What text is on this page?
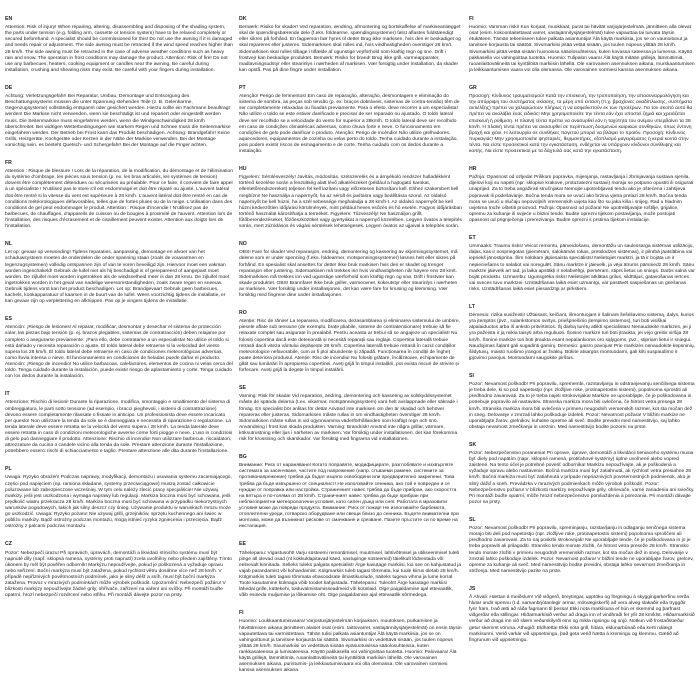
EN

Attention: Risk of injury! When repairing, altering, disassembling and disposing of the shading system, the parts under tension (e.g. folding arm, cassette or tension system) have to be relaxed completely or secured beforehand. A specialist should be commissioned for this! Do not use the awning if it is damaged and needs repair or adjustment. The side awning must be retracted if the wind speed reaches higher than 28 km/h. The side awning must be retracted in the case of adverse weather conditions such as heavy rain and snow. The operation in frost conditions may damage the product. Attention: Risk of fire! Do not use any barbecues, heaters, cooking equipment or candles near the awning. Be careful during installation, crushing and shearing risks may exist. Be careful with your fingers during installation.

DE

Achtung: Verletzungsgefahr! Bei Reparatur, Umbau, Demontage und Entsorgung des Beschattungssystems müssen die unter Spannung stehenden Teile (z. B. Gelenkarme, Gegenzugsysteme) vollständig entspannt oder gesichert werden. Hierzu sollte ein Fachmann beauftragt werden! Die Markise nicht verwenden, wenn sie beschädigt ist und repariert oder eingestellt werden muss. Die Seitenmarkise muss eingefahren werden, wenn die Windgeschwindigkeit 28 km/h überschreitet. Bei widrigen Wetterbedingungen wie starkem Regen und Schnee muss die Seitenmarkise eingefahren werden. Der Betrieb bei Frost kann das Produkt beschädigen. Achtung: Brandgefahr! Keine Grills, Heizgeräte, Kochgeräte oder Kerzen in der Nähe der Markise verwenden. Bei der Montage vorsichtig sein, es besteht Quetsch- und Schergefahr! Bei der Montage auf die Finger achten.

FR

Attention : Risque de blessure ! Lors de la réparation, de la modification, du démontage et de l'élimination du système d'ombrage, les pièces sous tension (p. ex. les bras articulés, les systèmes de tension) doivent être complètement détendues ou sécurisées au préalable. Pour ce faire, il convient de faire appel à un spécialiste ! N'utilisez pas le store s'il est endommagé et doit être réparé ou ajusté. L'auvent latéral doit être rentré si la vitesse du vent est supérieure à 28 km/h. L'auvent latéral doit être rentré en cas de conditions météorologiques défavorables, telles que de fortes pluies ou de la neige. L'utilisation dans des conditions de gel peut endommager le produit. Attention : Risque d'incendie ! N'utilisez pas de barbecues, de chauffages, d'appareils de cuisson ou de bougies à proximité de l'auvent. Attention lors de l'installation, des risques d'écrasement et de cisaillement peuvent exister. Attention aux doigts lors de l'installation.

NL

Let op: gevaar op verwonding! Tijdens reparaties, aanpassing, demontage en afvoer van het schaduwsysteem moeten de onderdelen die onder spanning staan (zoals de vouwarmen en tegenzugsystemen) volledig ontspannen zijn of van te voren beveiligd zijn. Hiervoor moet een vakman worden ingeschakeld! Gebruik de luifel niet als hij beschadigd is of gerepareerd of aangepast moet worden. De zijluifel moet worden ingetrokken als de windsnelheid meer is dan 28 km/u. De zijluifel moet ingetrokken worden in het geval van nadelige weersomstandigheden, zoals zware regen en sneeuw. Gebruik tijdens vorst kan het product beschadigen. Let op: Brandgevaar! Gebruik geen barbecues, kachels, kookapparatuur of kaarsen in de buurt van de luifel. Wees voorzichtig tijdens de installatie, er kan gevaar zijn op verplettering en afknippen. Pas op je vingers tijdens de installatie.

ES

Atención: ¡Riesgo de lesiones! Al reparar, modificar, desmontar y desechar el sistema de protección solar, las piezas bajo tensión (p. ej. brazos plegables, sistemas de contratracción) deben relajarse por completo o asegurarse previamente. ¡Para ello, debe contratarse a un especialista! No utilice el toldo si está dañado y necesita reparación o ajuste. El toldo lateral debe retraerse si la velocidad del viento supera los 28 km/h. El toldo lateral debe retraerse en caso de condiciones meteorológicas adversas, como lluvia intensa o nieve. El funcionamiento en condiciones de heladas puede dañar el producto. Atención: ¡Riesgo de incendio! No utilice barbacoas, calefactores, elementos de cocina ni velas cerca del toldo. Tenga cuidado durante la instalación, puede existir riesgo de aplastamiento y corte. Tenga cuidado con los dedos durante la instalación.

IT

Attenzione: Rischio di lesioni! Durante la riparazione, modifica, smontaggio e smaltimento del sistema di ombreggiatura, le parti sotto tensione (ad esempio, i bracci pieghevoli, i sistemi di contrattrazione) devono essere completamente rilassate o fissate in anticipo. Un professionista deve essere incaricato per questo! Non utilizzare la tenda da sole se è danneggiata e necessita di riparazione o regolazione. La tenda laterale deve essere retratta se la velocità del vento supera i 28 km/h. La tenda laterale deve essere retratta in caso di condizioni meteorologiche avverse come forti piogge e neve. L'uso in condizioni di gelo può danneggiare il prodotto. Attenzione: Rischio di incendio! Non utilizzare barbecue, riscaldatori, attrezzature da cucina o candele vicino alla tenda da sole. Prestare attenzione durante l'installazione, potrebbero esserci rischi di schiacciamento e taglio. Prestare attenzione alle dita durante l'installazione.

PL

Uwaga: Ryzyko obrażeń! Podczas naprawy, modyfikacji, demontażu i usuwania systemu zacieniającego, części pod napięciem (np. ramiona składane, systemy przeciwciągowe) muszą zostać całkowicie poluzowane lub zabezpieczone wcześniej. W tym celu należy zlecić pracę specjaliście! Nie używaj markizy, jeśli jest uszkodzona i wymaga naprawy lub regulacji. Markiza boczna musi być schowana, jeśli prędkość wiatru przekracza 28 km/h. Markiza boczna musi być schowana w przypadku niekorzystnych warunków pogodowych, takich jak silny deszcz czy śnieg. Używanie produktu w warunkach mrozu może go uszkodzić. Uwaga: Ryzyko pożaru! Nie używaj grilli, grzejników, sprzętu kuchennego ani świec w pobliżu markizy. Bądź ostrożny podczas montażu, mogą istnieć ryzyka zgniecenia i przecięcia. Bądź ostrożny z palcami podczas montażu.

CZ

Pozor: Nebezpečí úrazu! Při opravách, úpravách, demontáži a likvidaci stínicího systému musí být napnuté díly (např. sklopná ramena, systémy proti napnutí) zcela uvolněny nebo předem zajištěny. Tímto úkonem by měl být pověřen odborník! Markýzu nepoužívejte, pokud je poškozená a vyžaduje opravu nebo seřízení. Boční markýza musí být zatažena, pokud rychlost větru dosáhne více než 28 km/h. V případě nepříznivých povětrnostních podmínek, jako je silný déšť a sníh, musí být boční markýza zatažena. Provoz v mrazivých podmínkách může výrobek poškodit. Upozornění: Nebezpečí požáru! V blízkosti markýzy nepoužívejte žádné grily, ohřívače, zařízení na vaření ani svíčky. Při montáži buďte opatrní, hrozí nebezpečí rozdrcení nebo střihu. Při montáži dávejte pozor na prsty.

DK

Bemærk: Risiko for skader! Ved reparation, ændring, afmontering og bortskaffelse af markiseanlægget skal de spændingsbærende dele (f.eks. foldearme, spændingssystemer) først aflastes fuldstændigt eller sikres på forhånd. En fagperson bør hyres til dette! Brug ikke markisen, hvis den er beskadiget og skal repareres eller justeres. Sidemarkisen skal rulles ind, hvis vindhastigheden overstiger 28 km/t. Sidemarkisen skal rulles tilbage i tilfælde af ugunstige vejrforhold som kraftig regn og sne. Drift i frostvejr kan beskadige produktet. Bemærk: Risiko for brand! Brug ikke grill, varmeapparater, madlavningsudstyr eller stearinlys i nærheden af markisen. Vær forsigtig under installation, da skader kan opstå. Pas på dine fingre under installation.

PT

Atenção! Perigo de ferimentos! Em caso de reparação, alteração, desmontagem e eliminação do sistema de sombra, as peças sob tensão (p. ex. braços dobráveis, sistemas de contra-tensão) têm de ser completamente relaxadas ou fixadas previamente. Para o efeito, deve recorrer a um especialista! Não utilize o toldo se este estiver danificado e precisar de ser reparado ou ajustado. O toldo lateral deve ser recolhido se a velocidade do vento for superior a 28km/h. O toldo lateral deve ser recolhido em caso de condições climatéricas adversas, como chuva forte e neve. O funcionamento em condições de gelo pode danificar o produto. Atenção: Perigo de incêndio! Não utilize grelhadores, aquecedores, equipamentos de cozinha ou velas perto do toldo. Tenha cuidado durante a instalação, pois podem existir riscos de esmagamento e de corte. Tenha cuidado com os dedos durante a instalação.

HU

Figyelem: Sérülésveszély! Javítás, módosítás, szétszerelés és a árnyékoló rendszer hulladékként történő kezelése során a feszültség alatt lévő alkatrészeket (például a hajtogató karokat, ellentetőrendszereket) teljesen fel kell lazítani vagy előzetesen biztosítani kell. Ehhez szakembert kell megbízni! Ne használja a napernyőt, ha az sérült és javításra vagy beállításra szorul. Az oldalsó napernyőt be kell húzni, ha a szél sebessége meghaladja a 28 km/h-t. Az oldalsó napernyőt be kell húzni kedvezőtlen időjárási körülmények, mint például heves esőzés és hó esetén. Fagyos időjárásban történő használat károsíthatja a terméket. Figyelem: Tűzveszély! Ne használjon grillt, fűtőberendezéseket, főzőeszközöket vagy gyertyákat a napernyő közelében. Legyen óvatos a telepítés során, mert zúzódásos és vágási sérülések lehetségesek. Legyen óvatos az ujjaival a telepítés során.

NO

OBS! Fare for skade! Ved reparasjon, endring, demontering og kassering av skjermingssystemet, må delene som er under spenning (f.eks. foldearmer, motspenningssystemer) løsnes helt eller sikres på forhånd. En spesialist skal ansettes for dette! Ikke bruk markisen hvis den er skadet og trenger reparasjon eller justering. Sidemarkisen må trekkes inn hvis vindhastigheten når høyere enn 28 km/t. Sidemarkisen må trekkes inn ved ugunstige værforhold som kraftig regn og snø. Drift i frostvær kan skade produktet. OBS! Brannfare! Ikke bruk griller, varmeovner, kokeutstyr eller stearinlys i nærheten av markisen. Vær forsiktig under installasjonen, det kan være fare for knusing og klemming. Vær forsiktig med fingrene dine under installasjonen.

RO

Atenție: Risc de rănire! La repararea, modificarea, dezasamblarea și eliminarea sistemului de umbrire, piesele aflate sub tensiune (de exemplu, brațe pliabile, sisteme de contratensionare) trebuie să fie relaxate complet sau asigurate în prealabil. Pentru aceasta ar trebui să se angajeze un specialist! Nu folosiți copertina dacă este deteriorată și necesită reparații sau reglaje. Copertina laterală trebuie retrasă dacă viteza vântului depășește 28 km/h. Copertina laterală trebuie retrasă în cazul condițiilor meteorologice nefavorabile, cum ar fi ploi abundente și zăpadă. Funcționarea în condiții de îngheț poate deteriora produsul. Atenție: Risc de incendiu! Nu folosiți grătare, încălzitoare, echipamente de gătit sau lumânări în apropierea copertinei. Aveți grijă în timpul instalării, pot exista riscuri de strivire și forfecare. Aveți grijă la degete în timpul instalării.

SE

Varning: Risk för skada! Vid reparation, ändring, demontering och kassering av solskyddssystemet måste de spända delarna (t.ex. vikarmar, motspänningssystem) vara helt avslappnade eller säkrade i förväg. En specialist bör anlitas för detta! Använd inte markisen om den är skadad och behöver repareras eller justeras. Sidomarkisen måste rullas in om vindhastigheten överstiger 28 km/h. Sidomarkisen måste rullas in vid ogynnsamma väderförhållanden som kraftigt regn och snö. Användning i frost kan skada produkten. Varning: Brandrisk! Använd inte några grillar, värmare, köksutrustning eller ljus i närheten av markisen. Var försiktig under installationen, det kan förekomma risk för krossning och skärskador. Var försiktig med fingrarna vid installationen.

BG

Внимание: Риск от нараняване! Когато поправяте, модифицирате, разглобявате и изхвърляте системата за засенчване, частите под напрежение (напр. сгъваеми рамене, системите за противонапрежение) трябва да бъдат изцяло освободени или предварително закрепени. Това трябва да бъде извършено от специалист! Не използвайте сенника, ако той е повреден и се нуждае от поправка или настройка. Страничният навес трябва да бъде прибран, ако скоростта на вятъра е по-голяма от 28 km/h. Страничният навес трябва да бъде прибран при неблагоприятни метеорологични условия, като силен дъжд или сняг. Работата в мразовити условия може да повреди продукта. Внимание: Риск от пожар! Не използвайте барбекюта, отоплителни уреди, готварско оборудване или свещи близо до сенника. Бъдете внимателни при монтажа, може да възникнат рискове от смачкване и срязване. Пазете пръстите си по време на инсталация.

EE

Tähelepanu: Vigastusoht! Varju süsteemi remontimisel, muutmisel, lahtivõtmisel ja utiliseerimisel tuleb pinge all olevad osad (nt kokkuklapitavad käed, vastupinge süsteemid) täielikult lõdvestada või eelnevalt kinnitada. Selleks tuleks palgata spetsialist! Ärge kasutage markiisi, kui see on kahjustatud ja vajab parandamist või kohandamist. Külgmarkiis tuleb tagasi tõmmata, kui tuule kiirus ületab 28 km/h. Külgmarkiis tuleb tagasi tõmmata ebasoodsate ilmastikuolude, näiteks tugeva vihma ja lume korral. Toote kasutamine külmaga võib toodet kahjustada. Tähelepanu: Tuleoht! Ärge kasutage markiisi lähedal grille, küttekehi, toiduvalmistamisseadmeid või küünlaid. Olge paigaldamise ajal ettevaatlik, võib esineda muljumise ja lõikamise oht. Olge paigaldamise ajal ettevaatlik sõrmedega.

FI

Huomio: Loukkaantumisvaara! Varjostusjärjestelmän korjauksen, muutoksen, purkamisen ja hävittämisen aikana jännitteen alaiset osat (esim. taittovarret, vastajännitysjärjestelmät) on ensin täysin vapautettava tai varmistettava. Tähän tulisi palkata asiantuntija! Älä käytä markiisia, jos se on vahingoittunut ja tarvitsee korjausta tai säätöä. Sivumarkiisi on vedettävä sisään, jos tuulen nopeus ylittää 28 km/h. Sivumarkiisi on vedettävä sisään epäsuotuisissa sääolosuhteissa, kuten rankkasateessa ja lumisateessa. Käyttö pakkasella voi vahingoittaa tuotetta. Huomio: Palovaara! Älä käytä grillejä, lämmittimiä, ruoanlaittovälineitä tai kynttilöitä markiisin lähellä. Ole varovainen asennuksen aikana, puristumis- ja leikkautumisvaara voi olla olemassa. Ole varovainen sormiesi kanssa asennuksen aikana.

FI

Huomio: Vamman riski! Kun korjaat, muokkaat, purat tai hävität varjojärjestelmää, jännitteen alla olevat osat (esim. kokoontaitettavat varret, vastajännitysjärjestelmät) tulee vapauttaa tai turvata täysin etukäteen. Tämän tekemiseen tulee palkata asiantuntija! Älä käytä markiisia, jos se on vaurioitunut ja tarvitsee korjausta tai säätöä. Sivumarkiisi pitää vetää sisään, jos tuulen nopeus ylittää 28 km/h. Sivumarkiisi pitää vetää sisään huonoissa sääolosuhteissa, kuten kovassa sateessa ja lumessa. Käyttö pakkasella voi vahingoittaa tuotetta. Huomio: Tulipalon vaara! Älä käytä mitään grillejä, lämmittimiä, ruoanlaittovälineitä tai kynttilöitä markiisin lähellä. Ole varovainen asennuksen aikana, murskaantumisen ja leikkaantumisen vaara voi olla olemassa. Ole varovainen sormiesi kanssa asennuksen aikana.

GR

Προσοχή: Κίνδυνος τραυματισμού! Κατά την επισκευή, την τροποποίηση, την αποσυναρμολόγηση και την απόρριψη του συστήματος σκίασης, τα μέρη υπό ένταση (π.χ. βραχίονες αναδίπλωσης, συστήματα αντιέλξης) πρέπει να χαλαρώσουν πλήρως ή να ασφαλιστούν εκ των προτέρων. Για τον σκοπό αυτό θα πρέπει να αναλάβει ένας ειδικός! Μην χρησιμοποιείτε την τέντα εάν έχει υποστεί ζημιά και χρειάζεται επισκευή ή ρύθμιση. Η πλαϊνή τέντα πρέπει να ανασυρθεί εάν η ταχύτητα του ανέμου υπερβαίνει τα 28 km/h. Η πλαϊνή τέντα πρέπει να ανασυρθεί σε περίπτωση δυσμενών καιρικών συνθηκών, όπως έντονη βροχή και χιόνι. Η λειτουργία σε συνθήκες παγετού μπορεί να βλάψει το προϊόν. Προσοχή: Κίνδυνος πυρκαγιάς! Μην χρησιμοποιείτε ψησταριές, θερμαντήρες, εξοπλισμό μαγειρέματος ή κεριά κοντά στην τέντα. Να είστε προσεκτικοί κατά την εγκατάσταση, ενδέχεται να υπάρχουν κίνδυνοι σύνθλιψης και κοπής. Να είστε προσεκτικοί με τα δάχτυλά σας κατά την εγκατάσταση.

HR

Pažnja: Opasnost od ozljeda! Prilikom popravka, mijenjanja, rastavljanja i zbrinjavanja sustava sjenila, dijelovi koji su napeti (npr. sklopive krakove, protuzatezni sustavi) moraju se potpuno opustiti ili osigurati unaprijed. Za to treba angažirati stručnjaka! Nemojte upotrebljavati tendu ako je oštećena i zahtijeva popravak ili podešavanje. Bočna tenda mora se uvući ako brzina vjetra prelazi 28 km/h. Bočna tenda mora se uvući u slučaju nepovoljnih vremenskih uvjeta kao što su jaka kiša i snijeg. Rad u hladnim uvjetima može oštetiti proizvod. Pažnja: Opasnost od požara! Ne upotrebljavajte roštilje, grijalice, opremu za kuhanje ili svijeće u blizini tende. Budite oprezni tijekom postavljanja, može postojati opasnost od prignječenja i prerezivanja. Budite oprezni s prstima tijekom instalacije.

ET

Ummaaks: Traumu risks! Veicot remontu, pārveidošanu, demontāžu un saulessarga sistēmas utilizāciju, daļas, kas ir nospriegotas (piemēram, salokāmās rokas, pretslodzes sistēmas), ir pilnībā jāatslābina vai iepriekš jānostiprina. Šim nolūkam jāpiesaista speciālists! Nelietojiet markīzi, ja tā ir bojāta un ir nepieciešams to salabot vai noregulēt. Sānu markīze ir jāievelk, ja vēja ātrums pārsniedz 28 km/h. Sānu markīze jāievelk arī tad, ja laika apstākļi ir nelabvēlīgi, piemēram, stiprs lietus un sniegs. Darbs salnā var bojāt produktu. Uzmanību: Ugunsgrēka risks! Nelietojiet atklātas grilus, sildītājus, gatavošanas ierīces vai sveces tuvu markīzei. Uzstādīšanas laikā esiet uzmanīgi, var pastāvēt saspiešanas un griešanas risks. Uzstādīšanas laikā esiet piesardzīgi ar pirkstiem.

LT

Dėmesio: rizika susižeisti! Užtaisant, keičiant, išmontuojant ir šalinant šešėliavimo sistemą, dalys, kurios yra įtemptos (pvz., sulankstomos svirtys, priešpriešinio įtempimo sistemos), turi būti visiškai atpalaiduotos arba iš anksto pritvirtintos. Šį darbą turėtų atlikti specialistas! Nenaudokite markizės, jei ji yra pažeista ir ją reikia taisyti arba reguliuoti. Šoninė markizė turi būti įtraukta, jei vėjo greitis viršija 28 km/h. Šoninė markizė turi būti įtraukta esant nepalankioms oro sąlygoms, pvz., stipriam lietui ir sniegui. Naudojimas šąlant gali sugadinti gaminį. Dėmesio: gaisro pavojus! Prie markizės nenaudokite kepsninių, šildytuvų, maisto ruošimo įrangos ar žvakių. Būkite atsargūs montuodami, gali kilti suspaudimo ir įpjovimo pavojus. Montuodami saugokite pirštus.

SI

Pozor: Nevarnost poškodb! Pri popravilu, spremembi, razstavljanju in odstranjevanju senčilnega sistema je treba dele, ki so pod napetostjo (npr. zložljive roke, protinapetostni sistemi), popolnoma sprostiti ali predhodno zavarovati. Za to je treba najeti strokovnjaka! Markize ne uporabljajte, če je poškodovana in potrebuje popravilo ali nastavitev. Stranska markiza mora biti uvlečena, če hitrost vetra presega 28 km/h. Stranska markiza mora biti uvlečena v primeru neugodnih vremenskih razmer, kot sta močan dež in sneg. Delovanje v zmrzali lahko poškoduje izdelek. Pozor: Nevarnost požara! V bližini markize ne uporabljajte žarov, grelnikov, kuhalne opreme ali sveč. Bodite previdni med namestitvijo, saj lahko obstaja nevarnost zmečkanja in ureznin. Med namestitvijo bodite pozorni na prste.

SK

Pozor: Nebezpečenstvo poranenia! Pri oprave, úprave, demontáži a likvidácii tieniaceho systému musia byť diely pod napätím (napr. sklopné ramená, protiťahové systémy) úplne uvoľnené alebo vopred zaistené. Na tento účel je potrebné poveriť odborníka! Markízu nepoužívajte, ak je poškodená a vyžaduje opravu alebo nastavenie. Bočná markíza musí byť zatiahnutá, ak rýchlosť vetra presiahne 28 km/h. Bočná markíza musí byť zatiahnutá v prípade nepriaznivých poveternostných podmienok, ako je silný dážď a sneh. Prevádzka v mrazivých podmienkach môže výrobok poškodiť. Pozor: Nebezpečenstvo požiaru! V blízkosti markízy nepoužívajte grily, ohrievače, varné zariadenia ani sviečky. Pri montáži buďte opatrní, môže hroziť nebezpečenstvo pomliaždenia a porezania. Pri montáži dávajte pozor na prsty.

SL

Pozor: Nevarnost poškodb! Pri popravilu, spreminjanju, razstavljanju in odlaganju senčnega sistema morajo biti deli pod napetostjo (npr. zložljive roke, protinapetostni sistemi) popolnoma sproščeni ali predhodno zavarovani. Za to naj poskrbi strokovnjak! Ne uporabljajte tende, če je poškodovana in jo je treba popraviti ali prilagoditi. Stransko tendo morate zložiti, če hitrost vetra preseže 28 km/h. Stransko tendo morate zložiti v primeru neugodnih vremenskih razmer, kot sta močan dež in sneg. Delovanje v zmrzali lahko poškoduje izdelek. Pozor: Nevarnost požara! V bližini tende ne uporabljajte žarov, grelcev, opreme za kuhanje ali sveč. Med namestitvijo bodite previdni, obstaja lahko nevarnost zmečkanja in striženja. Med namestitvijo pazite na prste.

JS

Å Ahvali: Hættan á meiðslum! Við viðgerð, breytingar, upptöku og förgningu á skyggingarkerfinu verða hlutar undir spennu (t.d. samanbrjótanlegir armar, mótvægiskerfi) að vera alveg slakaðir eða tryggðir fyrir fram. Það ætti að ráða fagmann til þessa! Ekki nota markísuna ef hún er skemmd og þarfnast viðgerðar eða stillingar. Hliðarmarkísið verður að draga inn ef vindhraði fer yfir 28 km/klst. Hliðarmarkísið verður að draga inn við slæm veðurskilyrði eins og mikla rigningu og snjó. Notkun við frostaðstæður getur skemmt vöruna. Athugið: Eldhætta! Ekki nota grill, hitara, eldunarbúnað eða kerti nálægt markísunni. Verið varkár við uppsetningu, það geta verið hætta á kremingu og klemmu. Gætið að fingrunum við uppsetningu.
